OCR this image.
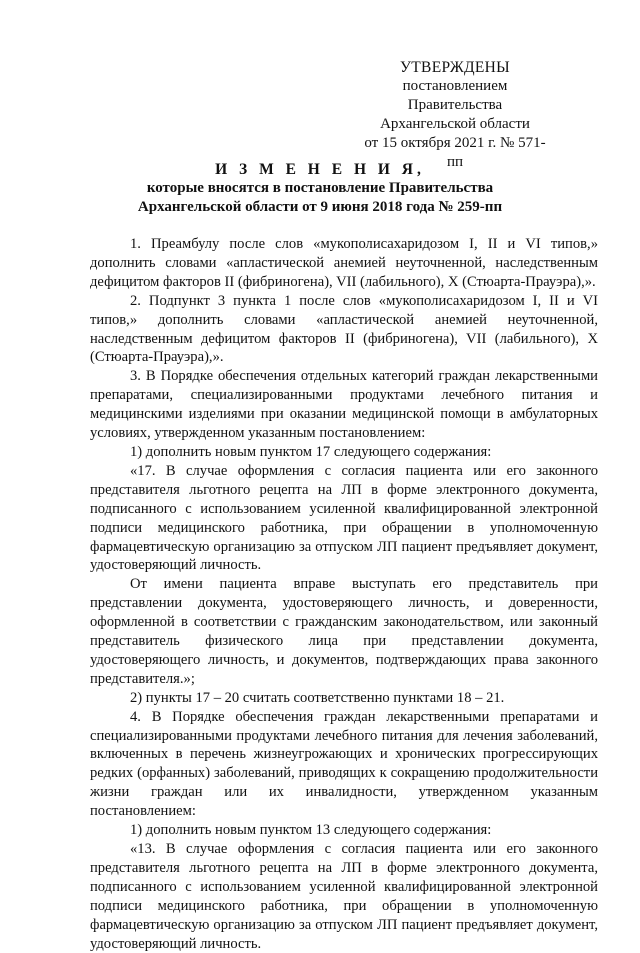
УТВЕРЖДЕНЫ
постановлением Правительства
Архангельской области
от 15 октября 2021 г. № 571-пп
И З М Е Н Е Н И Я,
которые вносятся в постановление Правительства
Архангельской области от 9 июня 2018 года № 259-пп

1. Преамбулу после слов «мукополисахаридозом I, II и VI типов,» дополнить словами «апластической анемией неуточненной, наследственным дефицитом факторов II (фибриногена), VII (лабильного), X (Стюарта-Прауэра),».

2. Подпункт 3 пункта 1 после слов «мукополисахаридозом I, II и VI типов,» дополнить словами «апластической анемией неуточненной, наследственным дефицитом факторов II (фибриногена), VII (лабильного), X (Стюарта-Прауэра),».

3. В Порядке обеспечения отдельных категорий граждан лекарственными препаратами, специализированными продуктами лечебного питания и медицинскими изделиями при оказании медицинской помощи в амбулаторных условиях, утвержденном указанным постановлением:

1) дополнить новым пунктом 17 следующего содержания:

«17. В случае оформления с согласия пациента или его законного представителя льготного рецепта на ЛП в форме электронного документа, подписанного с использованием усиленной квалифицированной электронной подписи медицинского работника, при обращении в уполномоченную фармацевтическую организацию за отпуском ЛП пациент предъявляет документ, удостоверяющий личность.

От имени пациента вправе выступать его представитель при представлении документа, удостоверяющего личность, и доверенности, оформленной в соответствии с гражданским законодательством, или законный представитель физического лица при представлении документа, удостоверяющего личность, и документов, подтверждающих права законного представителя.»;

2) пункты 17 – 20 считать соответственно пунктами 18 – 21.

4. В Порядке обеспечения граждан лекарственными препаратами и специализированными продуктами лечебного питания для лечения заболеваний, включенных в перечень жизнеугрожающих и хронических прогрессирующих редких (орфанных) заболеваний, приводящих к сокращению продолжительности жизни граждан или их инвалидности, утвержденном указанным постановлением:

1) дополнить новым пунктом 13 следующего содержания:

«13. В случае оформления с согласия пациента или его законного представителя льготного рецепта на ЛП в форме электронного документа, подписанного с использованием усиленной квалифицированной электронной подписи медицинского работника, при обращении в уполномоченную фармацевтическую организацию за отпуском ЛП пациент предъявляет документ, удостоверяющий личность.
